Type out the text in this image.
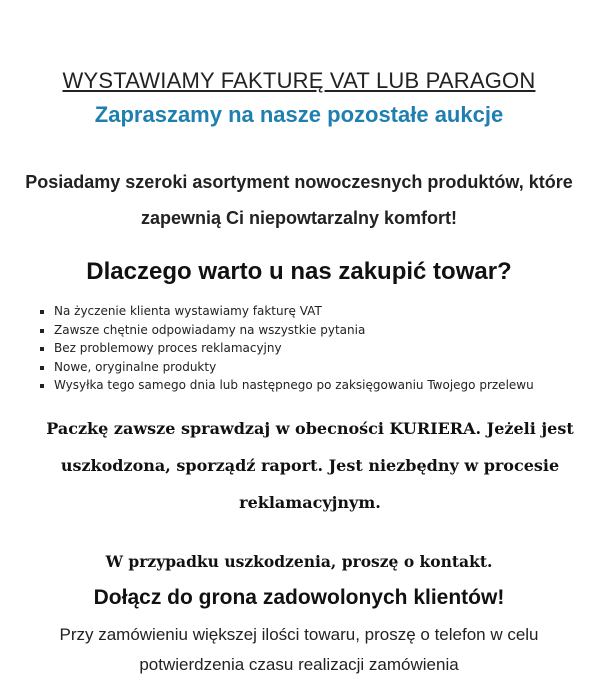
WYSTAWIAMY FAKTURĘ VAT LUB PARAGON
Zapraszamy na nasze pozostałe aukcje
Posiadamy szeroki asortyment nowoczesnych produktów, które
zapewnią Ci niepowtarzalny komfort!
Dlaczego warto u nas zakupić towar?
▪ Na życzenie klienta wystawiamy fakturę VAT
▪ Zawsze chętnie odpowiadamy na wszystkie pytania
▪ Bez problemowy proces reklamacyjny
▪ Nowe, oryginalne produkty
▪ Wysyłka tego samego dnia lub następnego po zaksięgowaniu Twojego przelewu
Paczkę zawsze sprawdzaj w obecności KURIERA. Jeżeli jest
uszkodzona, sporządź raport. Jest niezbędny w procesie
reklamacyjnym.
W przypadku uszkodzenia, proszę o kontakt.
Dołącz do grona zadowolonych klientów!
Przy zamówieniu większej ilości towaru, proszę o telefon w celu
potwierdzenia czasu realizacji zamówienia
